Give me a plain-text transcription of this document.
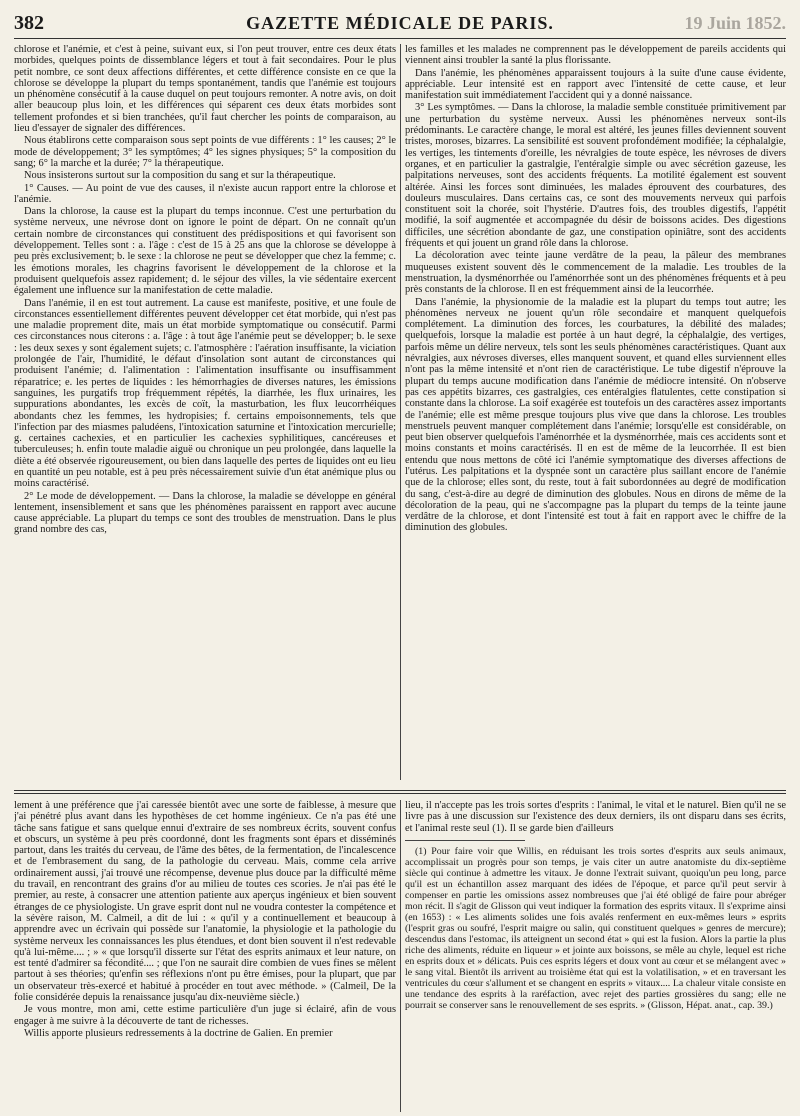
382	GAZETTE MÉDICALE DE PARIS.	19 Juin 1852.

chlorose et l'anémie, et c'est à peine, suivant eux, si l'on peut trouver, entre ces deux états morbides, quelques points de dissemblance légers et tout à fait secondaires. Pour le plus petit nombre, ce sont deux affections différentes, et cette différence consiste en ce que la chlorose se développe la plupart du temps spontanément, tandis que l'anémie est toujours un phénomène consécutif à la cause duquel on peut toujours remonter. A notre avis, on doit aller beaucoup plus loin, et les différences qui séparent ces deux états morbides sont tellement profondes et si bien tranchées, qu'il faut chercher les points de comparaison, au lieu d'essayer de signaler des différences.

Nous établirons cette comparaison sous sept points de vue différents : 1° les causes; 2° le mode de développement; 3° les symptômes; 4° les signes physiques; 5° la composition du sang; 6° la marche et la durée; 7° la thérapeutique.

Nous insisterons surtout sur la composition du sang et sur la thérapeutique.

1° Causes. — Au point de vue des causes, il n'existe aucun rapport entre la chlorose et l'anémie.

Dans la chlorose, la cause est la plupart du temps inconnue. C'est une perturbation du système nerveux, une névrose dont on ignore le point de départ. On ne connaît qu'un certain nombre de circonstances qui constituent des prédispositions et qui favorisent son développement. Telles sont : a. l'âge : c'est de 15 à 25 ans que la chlorose se développe à peu près exclusivement; b. le sexe : la chlorose ne peut se développer que chez la femme; c. les émotions morales, les chagrins favorisent le développement de la chlorose et la produisent quelquefois assez rapidement; d. le séjour des villes, la vie sédentaire exercent également une influence sur la manifestation de cette maladie.

Dans l'anémie, il en est tout autrement. La cause est manifeste, positive, et une foule de circonstances essentiellement différentes peuvent développer cet état morbide, qui n'est pas une maladie proprement dite, mais un état morbide symptomatique ou consécutif. Parmi ces circonstances nous citerons : a. l'âge : à tout âge l'anémie peut se développer; b. le sexe : les deux sexes y sont également sujets; c. l'atmosphère : l'aération insuffisante, la viciation prolongée de l'air, l'humidité, le défaut d'insolation sont autant de circonstances qui produisent l'anémie; d. l'alimentation : l'alimentation insuffisante ou insuffisamment réparatrice; e. les pertes de liquides : les hémorrhagies de diverses natures, les émissions sanguines, les purgatifs trop fréquemment répétés, la diarrhée, les flux urinaires, les suppurations abondantes, les excès de coït, la masturbation, les flux leucorrhéiques abondants chez les femmes, les hydropisies; f. certains empoisonnements, tels que l'infection par des miasmes paludéens, l'intoxication saturnine et l'intoxication mercurielle; g. certaines cachexies, et en particulier les cachexies syphilitiques, cancéreuses et tuberculeuses; h. enfin toute maladie aiguë ou chronique un peu prolongée, dans laquelle la diète a été observée rigoureusement, ou bien dans laquelle des pertes de liquides ont eu lieu en quantité un peu notable, est à peu près nécessairement suivie d'un état anémique plus ou moins caractérisé.

2° Le mode de développement. — Dans la chlorose, la maladie se développe en général lentement, insensiblement et sans que les phénomènes paraissent en rapport avec aucune cause appréciable. La plupart du temps ce sont des troubles de menstruation. Dans le plus grand nombre des cas,

les familles et les malades ne comprennent pas le développement de pareils accidents qui viennent ainsi troubler la santé la plus florissante.

Dans l'anémie, les phénomènes apparaissent toujours à la suite d'une cause évidente, appréciable. Leur intensité est en rapport avec l'intensité de cette cause, et leur manifestation suit immédiatement l'accident qui y a donné naissance.

3° Les symptômes. — Dans la chlorose, la maladie semble constituée primitivement par une perturbation du système nerveux. Aussi les phénomènes nerveux sont-ils prédominants. Le caractère change, le moral est altéré, les jeunes filles deviennent souvent tristes, moroses, bizarres. La sensibilité est souvent profondément modifiée; la céphalalgie, les vertiges, les tintements d'oreille, les névralgies de toute espèce, les névroses de divers organes, et en particulier la gastralgie, l'entéralgie simple ou avec sécrétion gazeuse, les palpitations nerveuses, sont des accidents fréquents. La motilité également est souvent altérée. Ainsi les forces sont diminuées, les malades éprouvent des courbatures, des douleurs musculaires. Dans certains cas, ce sont des mouvements nerveux qui parfois constituent soit la chorée, soit l'hystérie. D'autres fois, des troubles digestifs, l'appétit modifié, la soif augmentée et accompagnée du désir de boissons acides. Des digestions difficiles, une sécrétion abondante de gaz, une constipation opiniâtre, sont des accidents fréquents et qui jouent un grand rôle dans la chlorose.

La décoloration avec teinte jaune verdâtre de la peau, la pâleur des membranes muqueuses existent souvent dès le commencement de la maladie. Les troubles de la menstruation, la dysménorrhée ou l'aménorrhée sont un des phénomènes fréquents et à peu près constants de la chlorose. Il en est fréquemment ainsi de la leucorrhée.

Dans l'anémie, la physionomie de la maladie est la plupart du temps tout autre; les phénomènes nerveux ne jouent qu'un rôle secondaire et manquent quelquefois complétement. La diminution des forces, les courbatures, la débilité des malades; quelquefois, lorsque la maladie est portée à un haut degré, la céphalalgie, des vertiges, parfois même un délire nerveux, tels sont les seuls phénomènes caractéristiques. Quant aux névralgies, aux névroses diverses, elles manquent souvent, et quand elles surviennent elles n'ont pas la même intensité et n'ont rien de caractéristique. Le tube digestif n'éprouve la plupart du temps aucune modification dans l'anémie de médiocre intensité. On n'observe pas ces appétits bizarres, ces gastralgies, ces entéralgies flatulentes, cette constipation si constante dans la chlorose. La soif exagérée est toutefois un des caractères assez importants de l'anémie; elle est même presque toujours plus vive que dans la chlorose. Les troubles menstruels peuvent manquer complétement dans l'anémie; lorsqu'elle est considérable, on peut bien observer quelquefois l'aménorrhée et la dysménorrhée, mais ces accidents sont et moins constants et moins caractérisés. Il en est de même de la leucorrhée. Il est bien entendu que nous mettons de côté ici l'anémie symptomatique des diverses affections de l'utérus. Les palpitations et la dyspnée sont un caractère plus saillant encore de l'anémie que de la chlorose; elles sont, du reste, tout à fait subordonnées au degré de modification du sang, c'est-à-dire au degré de diminution des globules. Nous en dirons de même de la décoloration de la peau, qui ne s'accompagne pas la plupart du temps de la teinte jaune verdâtre de la chlorose, et dont l'intensité est tout à fait en rapport avec le chiffre de la diminution des globules.

lement à une préférence que j'ai caressée bientôt avec une sorte de faiblesse, à mesure que j'ai pénétré plus avant dans les hypothèses de cet homme ingénieux. Ce n'a pas été une tâche sans fatigue et sans quelque ennui d'extraire de ses nombreux écrits, souvent confus et obscurs, un système à peu près coordonné, dont les fragments sont épars et disséminés partout, dans les traités du cerveau, de l'âme des bêtes, de la fermentation, de l'incalescence et de l'embrasement du sang, de la pathologie du cerveau. Mais, comme cela arrive ordinairement aussi, j'ai trouvé une récompense, devenue plus douce par la difficulté même du travail, en rencontrant des grains d'or au milieu de toutes ces scories. Je n'ai pas été le premier, au reste, à consacrer une attention patiente aux aperçus ingénieux et bien souvent étranges de ce physiologiste. Un grave esprit dont nul ne voudra contester la compétence et la sévère raison, M. Calmeil, a dit de lui : « qu'il y a continuellement et beaucoup à apprendre avec un écrivain qui possède sur l'anatomie, la physiologie et la pathologie du système nerveux les connaissances les plus étendues, et dont bien souvent il n'est redevable qu'à lui-même.... ; » « que lorsqu'il disserte sur l'état des esprits animaux et leur nature, on est tenté d'admirer sa fécondité.... ; que l'on ne saurait dire combien de vues fines se mêlent partout à ses théories; qu'enfin ses réflexions n'ont pu être émises, pour la plupart, que par un observateur très-exercé et habitué à procéder en tout avec méthode. » (Calmeil, De la folie considérée depuis la renaissance jusqu'au dix-neuvième siècle.)

Je vous montre, mon ami, cette estime particulière d'un juge si éclairé, afin de vous engager à me suivre à la découverte de tant de richesses.

Willis apporte plusieurs redressements à la doctrine de Galien. En premier

lieu, il n'accepte pas les trois sortes d'esprits : l'animal, le vital et le naturel. Bien qu'il ne se livre pas à une discussion sur l'existence des deux derniers, ils ont disparu dans ses écrits, et l'animal reste seul (1). Il se garde bien d'ailleurs

(1) Pour faire voir que Willis, en réduisant les trois sortes d'esprits aux seuls animaux, accomplissait un progrès pour son temps, je vais citer un autre anatomiste du dix-septième siècle qui continue à admettre les vitaux. Je donne l'extrait suivant, quoiqu'un peu long, parce qu'il est un échantillon assez marquant des idées de l'époque, et parce qu'il peut servir à compenser en partie les omissions assez nombreuses que j'ai été obligé de faire pour abréger mon récit. Il s'agit de Glisson qui veut indiquer la formation des esprits vitaux. Il s'exprime ainsi (en 1653) : « Les aliments solides une fois avalés renferment en eux-mêmes leurs » esprits (l'esprit gras ou soufré, l'esprit maigre ou salin, qui constituent quelques » genres de mercure); descendus dans l'estomac, ils atteignent un second état » qui est la fusion. Alors la partie la plus riche des aliments, réduite en liqueur » et jointe aux boissons, se mêle au chyle, lequel est riche en esprits doux et » délicats. Puis ces esprits légers et doux vont au cœur et se mélangent avec » le sang vital. Bientôt ils arrivent au troisième état qui est la volatilisation, » et en traversant les ventricules du cœur s'allument et se changent en esprits » vitaux.... La chaleur vitale consiste en une tendance des esprits à la raréfaction, avec rejet des parties grossières du sang; elle ne pourrait se conserver sans le renouvellement de ses esprits. » (Glisson, Hépat. anat., cap. 39.)
